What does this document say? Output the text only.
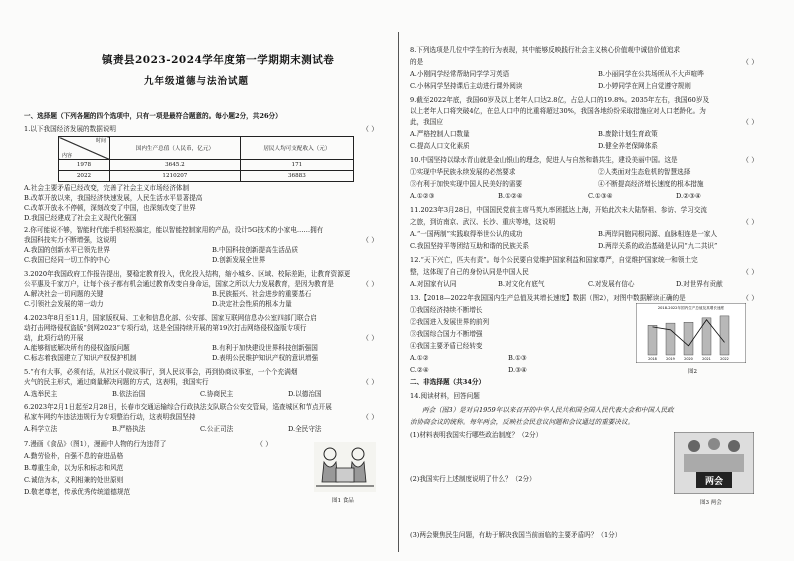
镇赉县2023-2024学年度第一学期期末测试卷
九年级道德与法治试题
一、选择题（下列各题的四个选项中，只有一项是最符合题意的。每小题2分，共26分）
1.以下我国经济发展的数据说明	（ ）
时间
内容	国内生产总值（人民币，亿元）	居民人均可支配收入（元）
1978	3645.2	171
2022	1210207	36883
A.社会主要矛盾已经改变，完善了社会主义市场经济体制
B.改革开放以来，我国经济快速发展，人民生活水平显著提高
C.改革开放永不停顿，深刻改变了中国，也深刻改变了世界
D.我国已经建成了社会主义现代化强国
2.你可能说不够，智能时代能手机轻松搞定，能以智能控制家用的产品，设计5G技术的小家电……拥有
我国科技实力不断增强，这说明	（ ）
A.我国的创新水平已领先世界	B.中国科技创新提高生活品质
C.我国已经同一切工作的中心	D.创新发展全世界
3.2020年我国政府工作报告提出，要稳定教育投入，优化投入结构，缩小城乡、区域、校际差距，让教育资源更
公平惠及千家万户，让每个孩子都有机会通过教育改变自身命运，国家之所以大力发展教育，是因为教育是	（ ）
A.解决社会一切问题的关键	B.民族振兴、社会进步的重要基石
C.引领社会发展的第一动力	D.决定社会性质的根本力量
4.2023年8月至11月，国家版权局、工业和信息化部、公安部、国家互联网信息办公室四部门联合启
动打击网络侵权盗版“剑网2023”专项行动，这是全国持续开展的第19次打击网络侵权盗版专项行
动，此项行动的开展	（ ）
A.能够彻底解决所有的侵权盗版问题	B.有利于加快建设世界科技创新强国
C.标志着我国建立了知识产权保护机制	D.表明公民维护知识产权的意识增强
5.“有有大事，必须有话，从社区小院议事厅，到人民议事会，再到协商议事室，一个个充满烟
火气的民主形式，通过商量解决问题的方式，这表明，我国实行	（ ）
A.选举民主	B.依法治国	C.协商民主	D.以德治国
6.2023年2月1日起至2月28日，长春市交通运输综合行政执法支队联合公安交管局，巡查城区和节点开展
私家车网约车违法违规行为专项整治行动，这表明我国坚持	（ ）
A.科学立法	B.严格执法	C.公正司法	D.全民守法
7.漫画《食品》（图1），漫画中人物的行为违背了	（ ）
A.勤劳俭朴，自强不息的奋进品格
B.尊重生命，以为乐和标志和风范
C.诚信为本，义利相兼的处世原则
D.敬老尊老，传承优秀传统道德规范
图1 食品
8.下列选项是几位中学生的行为表现，其中能够反映践行社会主义核心价值观中诚信价值追求
的是	（ ）
A.小刚同学经常帮助同学学习英语	B.小丽同学在公共场所从不大声喧哗
C.小林同学坚持课后主动进行课外阅读	D.小婷同学在网上自觉遵守规则
9.截至2022年底，我国60岁及以上老年人口达2.8亿，占总人口的19.8%。2035年左右，我国60岁及
以上老年人口将突破4亿，在总人口中的比重将超过30%，我国各地纷纷采取措施应对人口老龄化。为
此，我国应	（ ）
A.严格控制人口数量	B.废除计划生育政策
C.提高人口文化素质	D.健全养老保障体系
10.中国坚持以绿水青山就是金山银山的理念，促进人与自然和谐共生，建设美丽中国。这是	（ ）
①实现中华民族永续发展的必然要求	②人类面对生态危机的智慧选择
③有利于加快实现中国人民美好的需要	④不断提高经济增长速度的根本措施
A.①②③	B.①②④	C.①③④	D.②③④
11.2023年3月28日，中国国民党前主席马英九率团抵达上海，开始此次未大陆祭祖、参访、学习交流
之旅，到访南京、武汉、长沙、重庆等地，这说明	（ ）
A.“一国两制”实践取得举世公认的成功	B.两岸同胞同根同源、血脉相连是一家人
C.我国坚持平等团结互助和谐的民族关系	D.两岸关系的政治基础是认同“九二共识”
12.“天下兴亡，匹夫有责”。每个公民要自觉维护国家利益和国家尊严，自觉维护国家统一和领土完
整，这体现了自己的身份认同是中国人民	（ ）
A.对国家有认同	B.对文化有底气	C.对发展有信心	D.对世界有贡献
13.【2018—2022年我国国内生产总值及其增长速度】数据（图2），对图中数据解读正确的是	（ ）
①我国经济持续不断增长
②我国进入发展世界的前列
③我国综合国力不断增强
④我国主要矛盾已经转变
A.①②	B.①③
C.②④	D.③④
2018-2022年国内生产总值及其增长速度
2018	2019	2020	2021	2022
图2
二、非选择题（共34分）
14.阅读材料，回答问题
两会（图3）是对自1959年以来召开的中华人民共和国全国人民代表大会和中国人民政
治协商会议的统称。每年两会，反映社会民意议问题和会议通过的重要决议。
(1)材料表明我国实行哪些政治制度？（2分）
(2)我国实行上述制度说明了什么？（2分）
(3)两会聚焦民生问题，有助于解决我国当前面临的主要矛盾吗？（1分）
两会
图3 两会
